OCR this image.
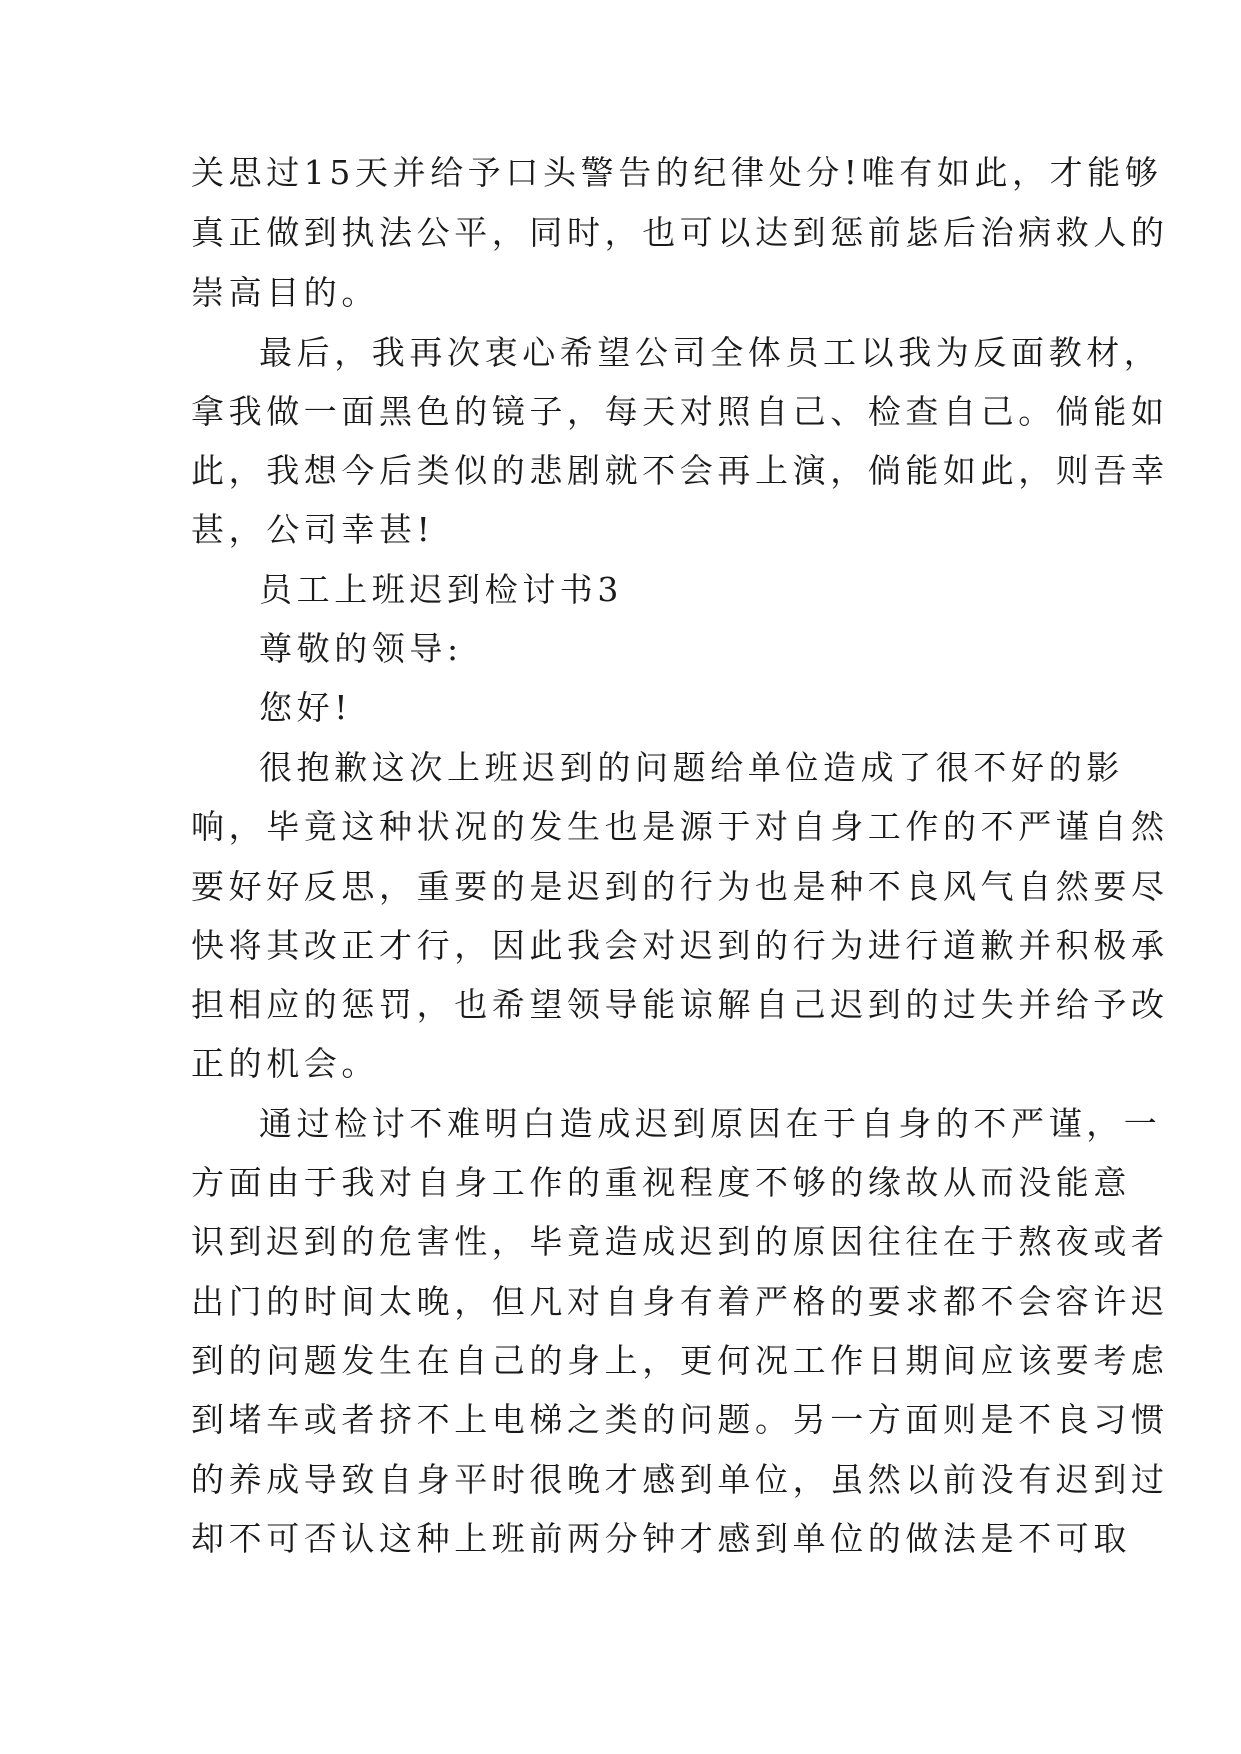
关思过15天并给予口头警告的纪律处分!唯有如此，才能够
真正做到执法公平，同时，也可以达到惩前毖后治病救人的
崇高目的。
最后，我再次衷心希望公司全体员工以我为反面教材，
拿我做一面黑色的镜子，每天对照自己、检查自己。倘能如
此，我想今后类似的悲剧就不会再上演，倘能如此，则吾幸
甚，公司幸甚!
员工上班迟到检讨书3
尊敬的领导:
您好!
很抱歉这次上班迟到的问题给单位造成了很不好的影
响，毕竟这种状况的发生也是源于对自身工作的不严谨自然
要好好反思，重要的是迟到的行为也是种不良风气自然要尽
快将其改正才行，因此我会对迟到的行为进行道歉并积极承
担相应的惩罚，也希望领导能谅解自己迟到的过失并给予改
正的机会。
通过检讨不难明白造成迟到原因在于自身的不严谨，一
方面由于我对自身工作的重视程度不够的缘故从而没能意
识到迟到的危害性，毕竟造成迟到的原因往往在于熬夜或者
出门的时间太晚，但凡对自身有着严格的要求都不会容许迟
到的问题发生在自己的身上，更何况工作日期间应该要考虑
到堵车或者挤不上电梯之类的问题。另一方面则是不良习惯
的养成导致自身平时很晚才感到单位，虽然以前没有迟到过
却不可否认这种上班前两分钟才感到单位的做法是不可取
